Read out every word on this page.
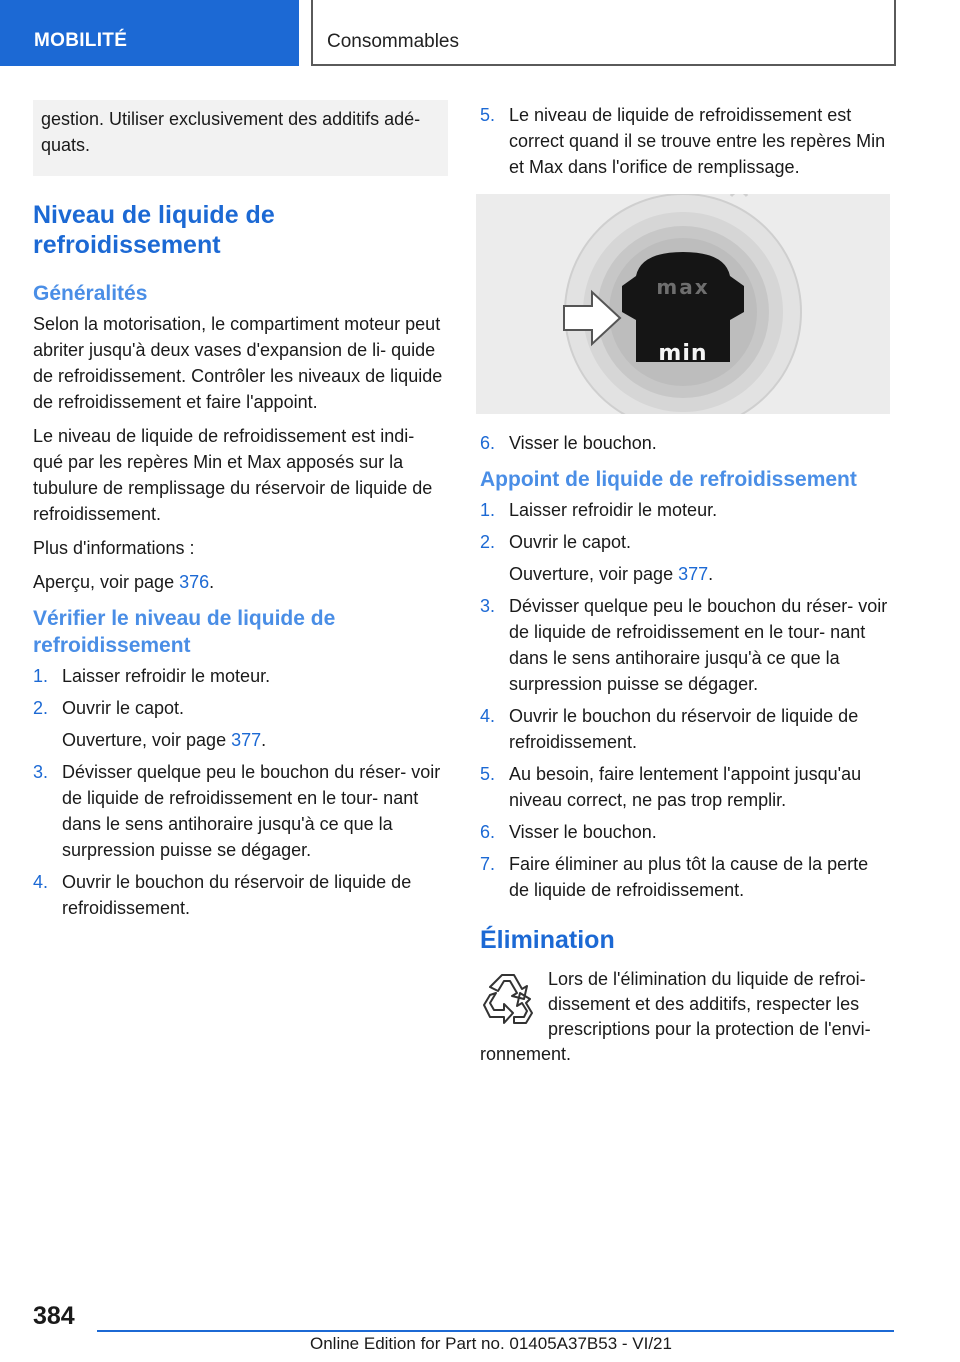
MOBILITÉ	Consommables
gestion. Utiliser exclusivement des additifs adé‐ quats.
Niveau de liquide de refroidissement
Généralités

Selon la motorisation, le compartiment moteur peut abriter jusqu'à deux vases d'expansion de li‐ quide de refroidissement. Contrôler les niveaux de liquide de refroidissement et faire l'appoint.

Le niveau de liquide de refroidissement est indi‐ qué par les repères Min et Max apposés sur la tubulure de remplissage du réservoir de liquide de refroidissement.

Plus d'informations :

Aperçu, voir page 376.

Vérifier le niveau de liquide de refroidissement
1. Laisser refroidir le moteur.
2. Ouvrir le capot.
Ouverture, voir page 377.
3. Dévisser quelque peu le bouchon du réser‐ voir de liquide de refroidissement en le tour‐ nant dans le sens antihoraire jusqu'à ce que la surpression puisse se dégager.
4. Ouvrir le bouchon du réservoir de liquide de refroidissement.
5. Le niveau de liquide de refroidissement est correct quand il se trouve entre les repères Min et Max dans l'orifice de remplissage.
max
min
6. Visser le bouchon.
Appoint de liquide de refroidissement
1. Laisser refroidir le moteur.
2. Ouvrir le capot.
Ouverture, voir page 377.
3. Dévisser quelque peu le bouchon du réser‐ voir de liquide de refroidissement en le tour‐ nant dans le sens antihoraire jusqu'à ce que la surpression puisse se dégager.
4. Ouvrir le bouchon du réservoir de liquide de refroidissement.
5. Au besoin, faire lentement l'appoint jusqu'au niveau correct, ne pas trop remplir.
6. Visser le bouchon.
7. Faire éliminer au plus tôt la cause de la perte de liquide de refroidissement.
Élimination
Lors de l'élimination du liquide de refroi‐ dissement et des additifs, respecter les prescriptions pour la protection de l'envi‐ ronnement.
384
Online Edition for Part no. 01405A37B53 - VI/21
